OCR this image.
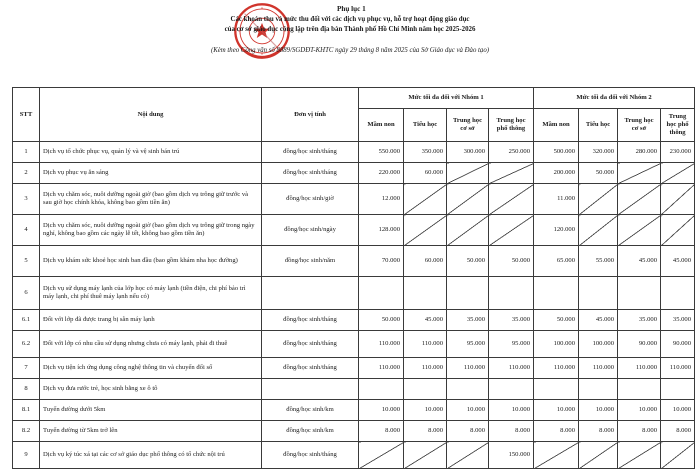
Phụ lục 1
Các khoản thu và mức thu đối với các dịch vụ phục vụ, hỗ trợ hoạt động giáo dục
của cơ sở giáo dục công lập trên địa bàn Thành phố Hồ Chí Minh năm học 2025-2026
(Kèm theo Công văn số 8889/SGDĐT-KHTC ngày 29 tháng 8 năm 2025 của Sở Giáo dục và Đào tạo)
STT	Nội dung	Đơn vị tính	Mức tối đa đối với Nhóm 1				Mức tối đa đối với Nhóm 2			
			Mầm non	Tiểu học	Trung học cơ sở	Trung học phổ thông	Mầm non	Tiểu học	Trung học cơ sở	Trung học phổ thông
1	Dịch vụ tổ chức phục vụ, quản lý và vệ sinh bán trú	đồng/học sinh/tháng	550.000	350.000	300.000	250.000	500.000	320.000	280.000	230.000
2	Dịch vụ phục vụ ăn sáng	đồng/học sinh/tháng	220.000	60.000			200.000	50.000		
3	Dịch vụ chăm sóc, nuôi dưỡng ngoài giờ (bao gồm dịch vụ trông giữ trước và sau giờ học chính khóa, không bao gồm tiền ăn)	đồng/học sinh/giờ	12.000				11.000			
4	Dịch vụ chăm sóc, nuôi dưỡng ngoài giờ (bao gồm dịch vụ trông giữ trong ngày nghỉ, không bao gồm các ngày lễ tết, không bao gồm tiền ăn)	đồng/học sinh/ngày	128.000				120.000			
5	Dịch vụ khám sức khoẻ học sinh ban đầu (bao gồm khám nha học đường)	đồng/học sinh/năm	70.000	60.000	50.000	50.000	65.000	55.000	45.000	45.000
6	Dịch vụ sử dụng máy lạnh của lớp học có máy lạnh (tiền điện, chi phí bảo trì máy lạnh, chi phí thuê máy lạnh nếu có)									
6.1	Đối với lớp đã được trang bị sẵn máy lạnh	đồng/học sinh/tháng	50.000	45.000	35.000	35.000	50.000	45.000	35.000	35.000
6.2	Đối với lớp có nhu cầu sử dụng nhưng chưa có máy lạnh, phải đi thuê	đồng/học sinh/tháng	110.000	110.000	95.000	95.000	100.000	100.000	90.000	90.000
7	Dịch vụ tiện ích ứng dụng công nghệ thông tin và chuyển đổi số	đồng/học sinh/tháng	110.000	110.000	110.000	110.000	110.000	110.000	110.000	110.000
8	Dịch vụ đưa rước trẻ, học sinh bằng xe ô tô									
8.1	Tuyến đường dưới 5km	đồng/học sinh/km	10.000	10.000	10.000	10.000	10.000	10.000	10.000	10.000
8.2	Tuyến đường từ 5km trở lên	đồng/học sinh/km	8.000	8.000	8.000	8.000	8.000	8.000	8.000	8.000
9	Dịch vụ ký túc xá tại các cơ sở giáo dục phổ thông có tổ chức nội trú	đồng/học sinh/tháng				150.000				
